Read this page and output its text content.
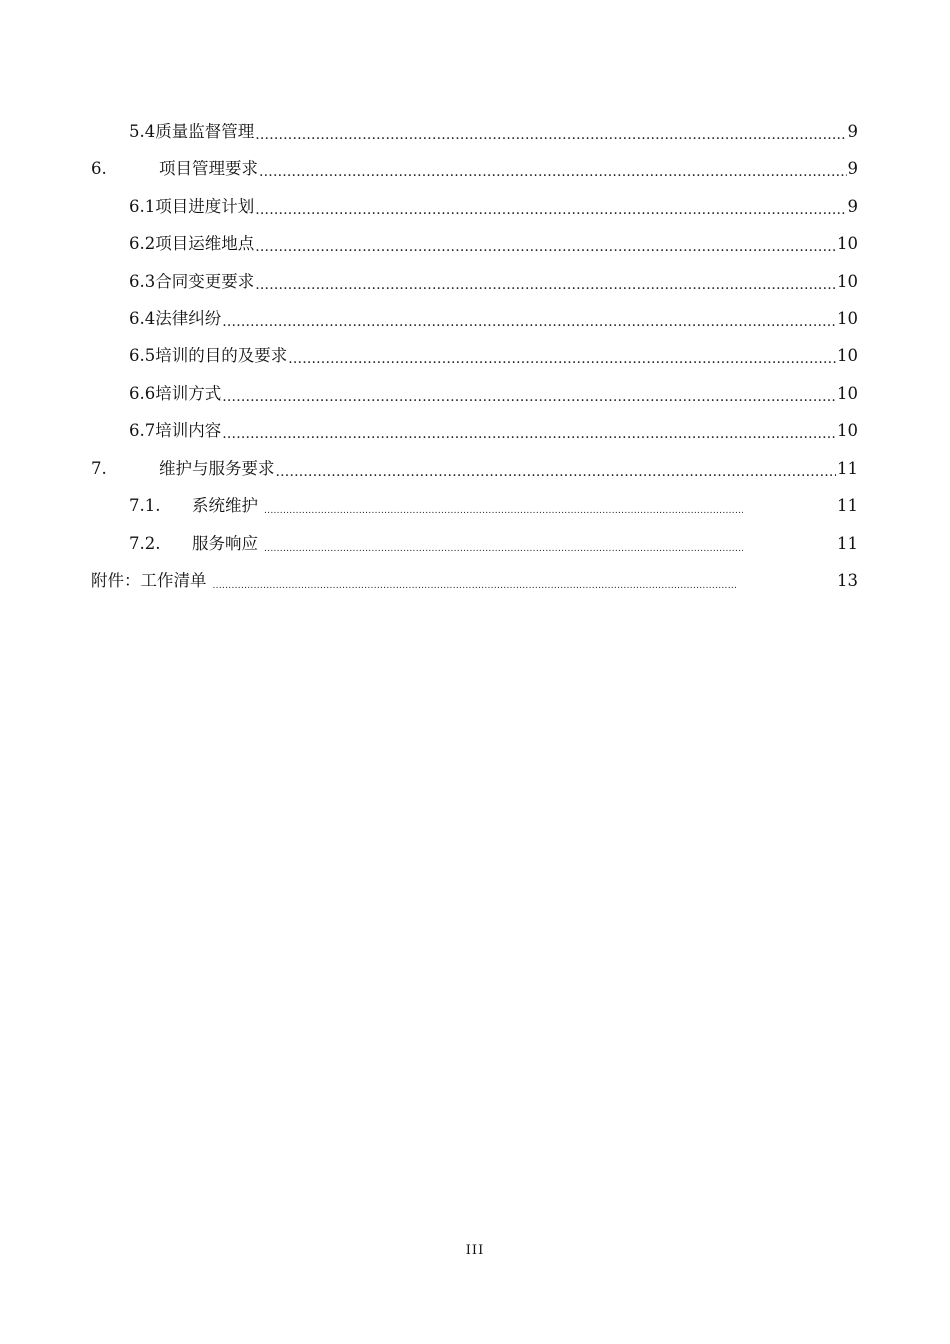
5.4 质量监督管理 .....	9
6.	项目管理要求 .....	9
6.1 项目进度计划 .....	9
6.2 项目运维地点 .....	10
6.3 合同变更要求 .....	10
6.4 法律纠纷 .....	10
6.5 培训的目的及要求 .....	10
6.6 培训方式 .....	10
6.7 培训内容 .....	10
7.	维护与服务要求 .....	11
7.1.	系统维护 .....	11
7.2.	服务响应 .....	11
附件：工作清单 .....	13
III
